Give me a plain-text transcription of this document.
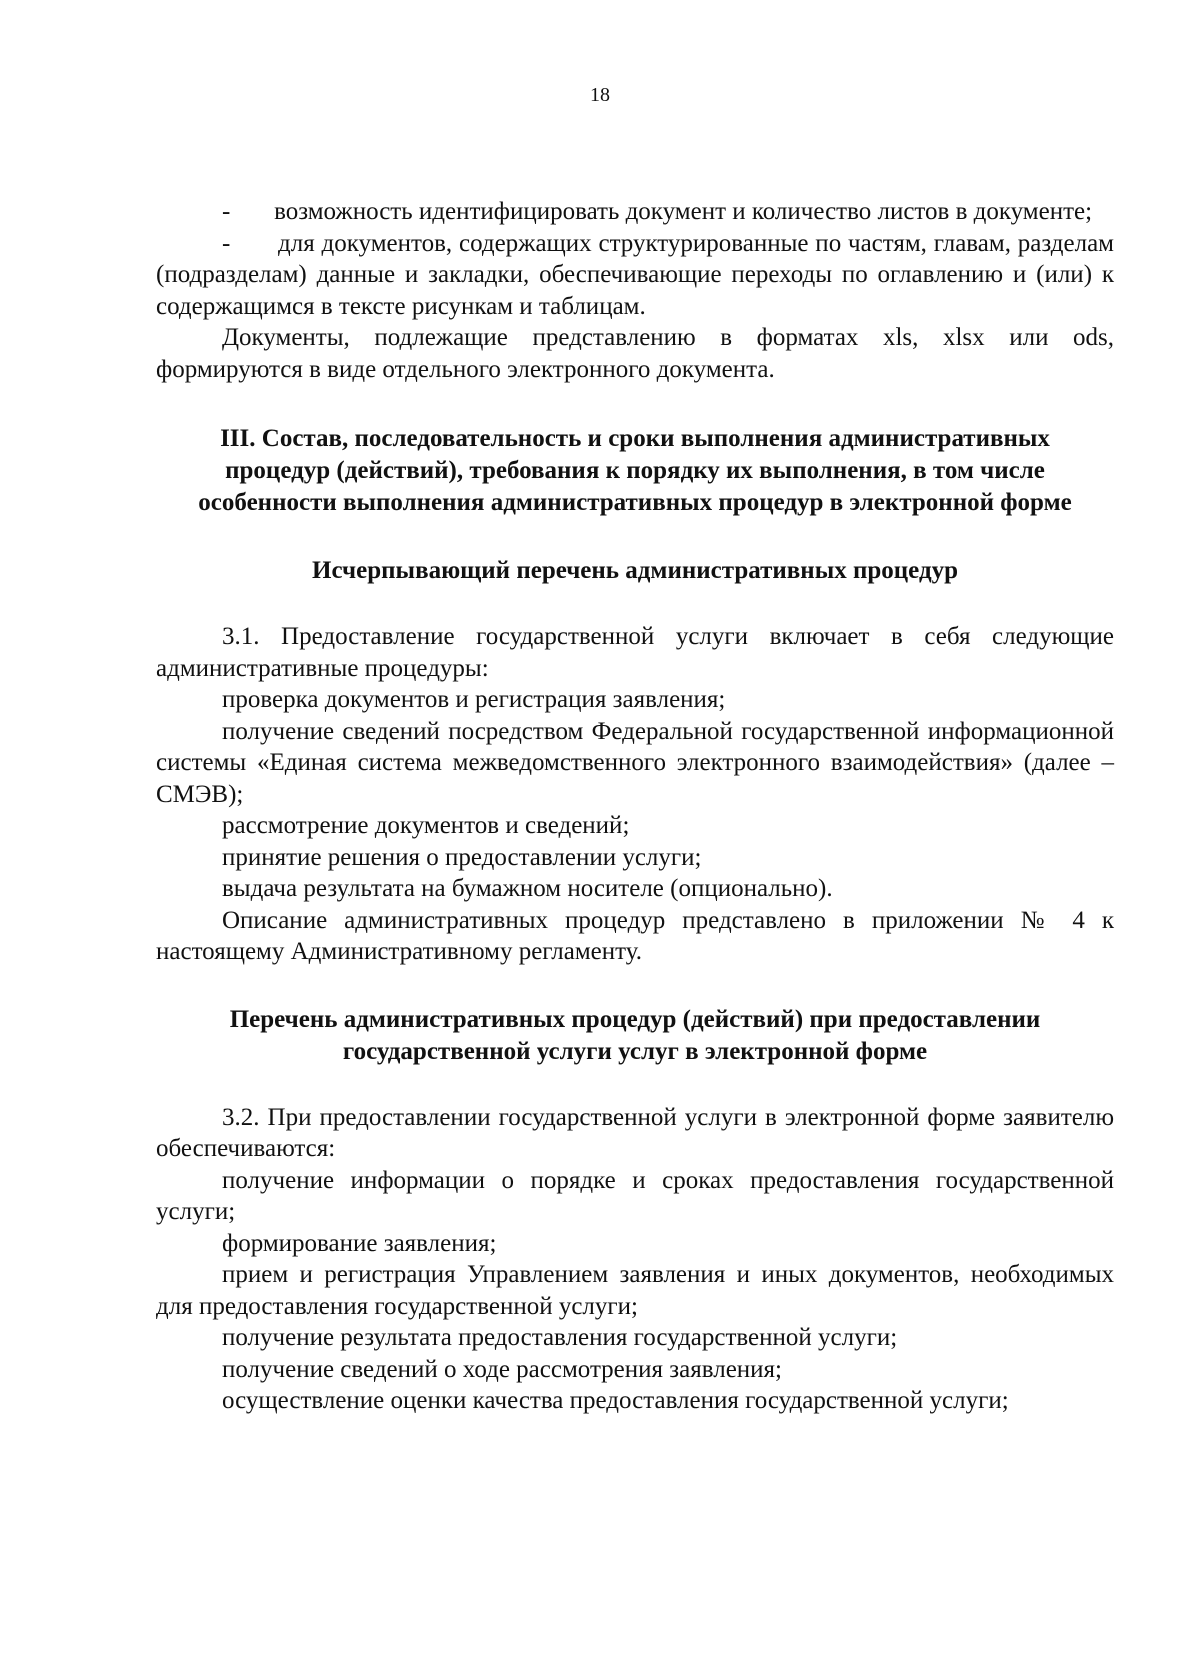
18

-       возможность идентифицировать документ и количество листов в документе;

-       для документов, содержащих структурированные по частям, главам, разделам (подразделам) данные и закладки, обеспечивающие переходы по оглавлению и (или) к содержащимся в тексте рисункам и таблицам.

Документы, подлежащие представлению в форматах xls, xlsx или ods, формируются в виде отдельного электронного документа.

III. Состав, последовательность и сроки выполнения административных

процедур (действий), требования к порядку их выполнения, в том числе

особенности выполнения административных процедур в электронной форме

Исчерпывающий перечень административных процедур

3.1. Предоставление государственной услуги включает в себя следующие административные процедуры:

проверка документов и регистрация заявления;

получение сведений посредством Федеральной государственной информационной системы «Единая система межведомственного электронного взаимодействия» (далее – СМЭВ);

рассмотрение документов и сведений;

принятие решения о предоставлении услуги;

выдача результата на бумажном носителе (опционально).

Описание административных процедур представлено в приложении № 4 к настоящему Административному регламенту.

Перечень административных процедур (действий) при предоставлении

государственной услуги услуг в электронной форме

3.2. При предоставлении государственной услуги в электронной форме заявителю обеспечиваются:

получение информации о порядке и сроках предоставления государственной услуги;

формирование заявления;

прием и регистрация Управлением заявления и иных документов, необходимых для предоставления государственной услуги;

получение результата предоставления государственной услуги;

получение сведений о ходе рассмотрения заявления;

осуществление оценки качества предоставления государственной услуги;
